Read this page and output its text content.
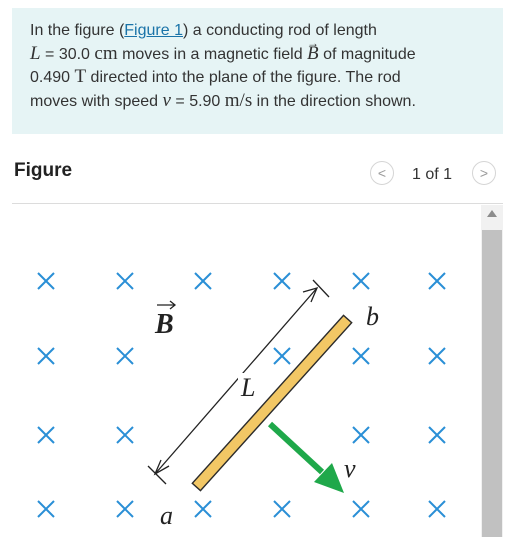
In the figure (Figure 1) a conducting rod of length
L = 30.0 cm moves in a magnetic field → B of magnitude
0.490 T directed into the plane of the figure. The rod
moves with speed v = 5.90 m/s in the direction shown.
Figure	< 1 of 1 >
B
L
a
b
v
